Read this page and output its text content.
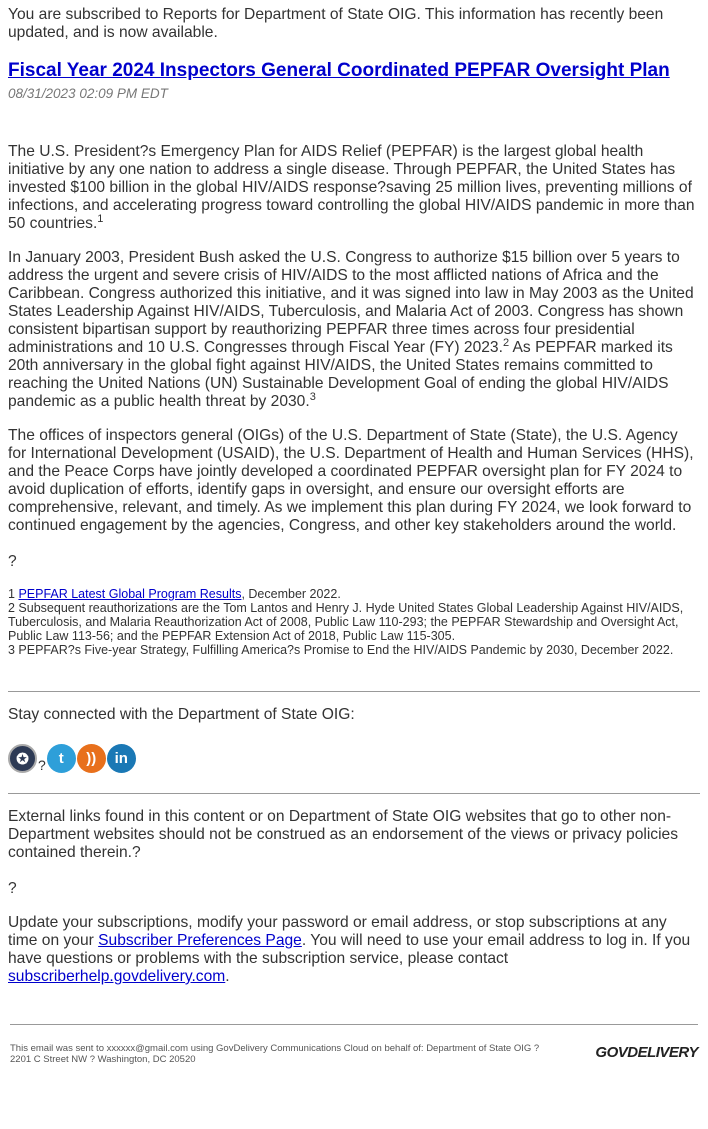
You are subscribed to Reports for Department of State OIG. This information has recently been updated, and is now available.

Fiscal Year 2024 Inspectors General Coordinated PEPFAR Oversight Plan
08/31/2023 02:09 PM EDT

The U.S. President?s Emergency Plan for AIDS Relief (PEPFAR) is the largest global health initiative by any one nation to address a single disease. Through PEPFAR, the United States has invested $100 billion in the global HIV/AIDS response?saving 25 million lives, preventing millions of infections, and accelerating progress toward controlling the global HIV/AIDS pandemic in more than 50 countries.$^1$

In January 2003, President Bush asked the U.S. Congress to authorize $15 billion over 5 years to address the urgent and severe crisis of HIV/AIDS to the most afflicted nations of Africa and the Caribbean. Congress authorized this initiative, and it was signed into law in May 2003 as the United States Leadership Against HIV/AIDS, Tuberculosis, and Malaria Act of 2003. Congress has shown consistent bipartisan support by reauthorizing PEPFAR three times across four presidential administrations and 10 U.S. Congresses through Fiscal Year (FY) 2023.$^2$ As PEPFAR marked its 20th anniversary in the global fight against HIV/AIDS, the United States remains committed to reaching the United Nations (UN) Sustainable Development Goal of ending the global HIV/AIDS pandemic as a public health threat by 2030.$^3$

The offices of inspectors general (OIGs) of the U.S. Department of State (State), the U.S. Agency for International Development (USAID), the U.S. Department of Health and Human Services (HHS), and the Peace Corps have jointly developed a coordinated PEPFAR oversight plan for FY 2024 to avoid duplication of efforts, identify gaps in oversight, and ensure our oversight efforts are comprehensive, relevant, and timely. As we implement this plan during FY 2024, we look forward to continued engagement by the agencies, Congress, and other key stakeholders around the world.

?

1 PEPFAR Latest Global Program Results, December 2022.

2 Subsequent reauthorizations are the Tom Lantos and Henry J. Hyde United States Global Leadership Against HIV/AIDS, Tuberculosis, and Malaria Reauthorization Act of 2008, Public Law 110-293; the PEPFAR Stewardship and Oversight Act, Public Law 113-56; and the PEPFAR Extension Act of 2018, Public Law 115-305.

3 PEPFAR?s Five-year Strategy, Fulfilling America?s Promise to End the HIV/AIDS Pandemic by 2030, December 2022.

Stay connected with the Department of State OIG:

✪ ? t	))	in

External links found in this content or on Department of State OIG websites that go to other non-Department websites should not be construed as an endorsement of the views or privacy policies contained therein.?

?

Update your subscriptions, modify your password or email address, or stop subscriptions at any time on your Subscriber Preferences Page. You will need to use your email address to log in. If you have questions or problems with the subscription service, please contact subscriberhelp.govdelivery.com.

This email was sent to xxxxxx@gmail.com using GovDelivery Communications Cloud on behalf of: Department of State OIG ?
2201 C Street NW ? Washington, DC 20520	GOVDELIVERY
